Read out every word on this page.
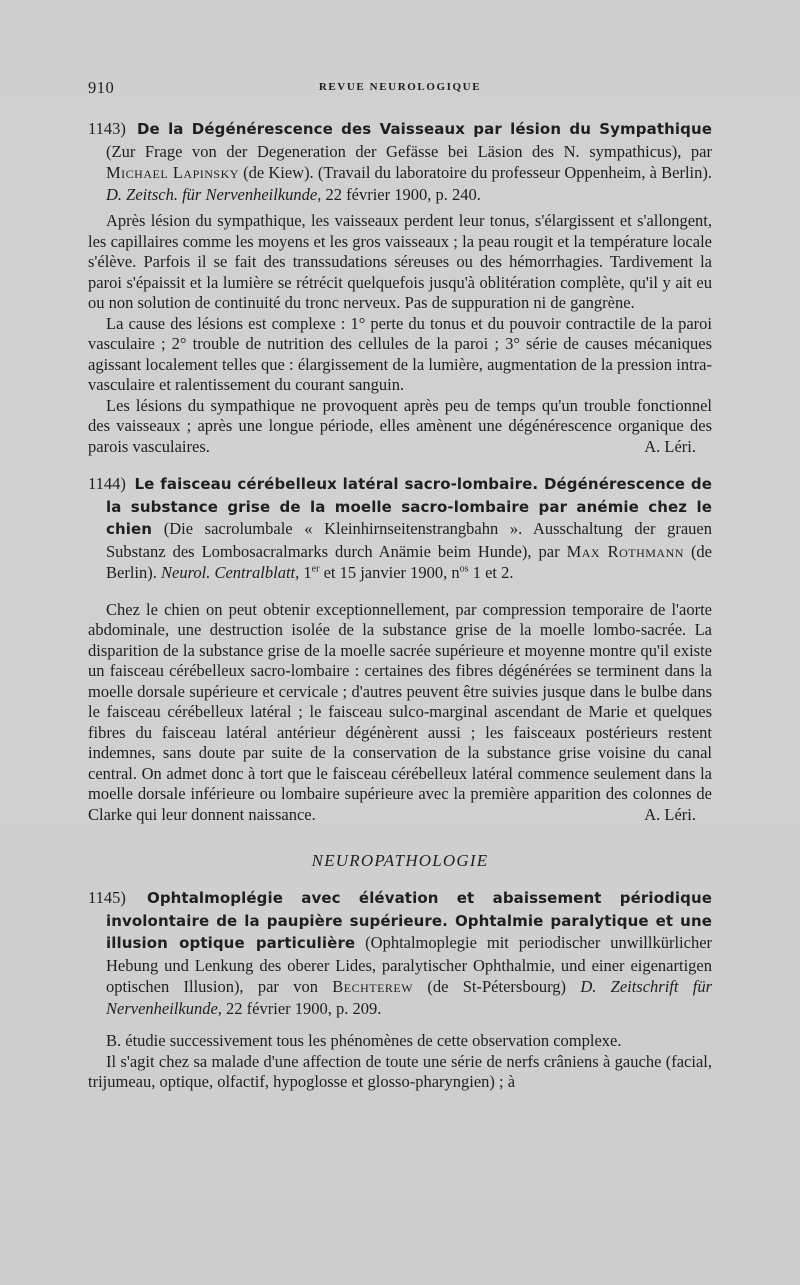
910	REVUE NEUROLOGIQUE
1143) De la Dégénérescence des Vaisseaux par lésion du Sympathique (Zur Frage von der Degeneration der Gefässe bei Läsion des N. sympathicus), par Michael Lapinsky (de Kiew). (Travail du laboratoire du professeur Oppenheim, à Berlin). D. Zeitsch. für Nervenheilkunde, 22 février 1900, p. 240.

Après lésion du sympathique, les vaisseaux perdent leur tonus, s'élargissent et s'allongent, les capillaires comme les moyens et les gros vaisseaux ; la peau rougit et la température locale s'élève. Parfois il se fait des transsudations séreuses ou des hémorrhagies. Tardivement la paroi s'épaissit et la lumière se rétrécit quelquefois jusqu'à oblitération complète, qu'il y ait eu ou non solution de continuité du tronc nerveux. Pas de suppuration ni de gangrène.

La cause des lésions est complexe : 1° perte du tonus et du pouvoir contractile de la paroi vasculaire ; 2° trouble de nutrition des cellules de la paroi ; 3° série de causes mécaniques agissant localement telles que : élargissement de la lumière, augmentation de la pression intra-vasculaire et ralentissement du courant sanguin.

Les lésions du sympathique ne provoquent après peu de temps qu'un trouble fonctionnel des vaisseaux ; après une longue période, elles amènent une dégénérescence organique des parois vasculaires.	A. Léri.

1144) Le faisceau cérébelleux latéral sacro-lombaire. Dégénérescence de la substance grise de la moelle sacro-lombaire par anémie chez le chien (Die sacrolumbale « Kleinhirnseitenstrangbahn ». Ausschaltung der grauen Substanz des Lombosacralmarks durch Anämie beim Hunde), par Max Rothmann (de Berlin). Neurol. Centralblatt, 1er et 15 janvier 1900, $n^{os}$ 1 et 2.

Chez le chien on peut obtenir exceptionnellement, par compression temporaire de l'aorte abdominale, une destruction isolée de la substance grise de la moelle lombo-sacrée. La disparition de la substance grise de la moelle sacrée supérieure et moyenne montre qu'il existe un faisceau cérébelleux sacro-lombaire : certaines des fibres dégénérées se terminent dans la moelle dorsale supérieure et cervicale ; d'autres peuvent être suivies jusque dans le bulbe dans le faisceau cérébelleux latéral ; le faisceau sulco-marginal ascendant de Marie et quelques fibres du faisceau latéral antérieur dégénèrent aussi ; les faisceaux postérieurs restent indemnes, sans doute par suite de la conservation de la substance grise voisine du canal central. On admet donc à tort que le faisceau cérébelleux latéral commence seulement dans la moelle dorsale inférieure ou lombaire supérieure avec la première apparition des colonnes de Clarke qui leur donnent naissance.	A. Léri.

NEUROPATHOLOGIE
1145) Ophtalmoplégie avec élévation et abaissement périodique involontaire de la paupière supérieure. Ophtalmie paralytique et une illusion optique particulière (Ophtalmoplegie mit periodischer unwillkürlicher Hebung und Lenkung des oberer Lides, paralytischer Ophthalmie, und einer eigenartigen optischen Illusion), par von Bechterew (de St-Pétersbourg) D. Zeitschrift für Nervenheilkunde, 22 février 1900, p. 209.

B. étudie successivement tous les phénomènes de cette observation complexe.

Il s'agit chez sa malade d'une affection de toute une série de nerfs crâniens à gauche (facial, trijumeau, optique, olfactif, hypoglosse et glosso-pharyngien) ; à
